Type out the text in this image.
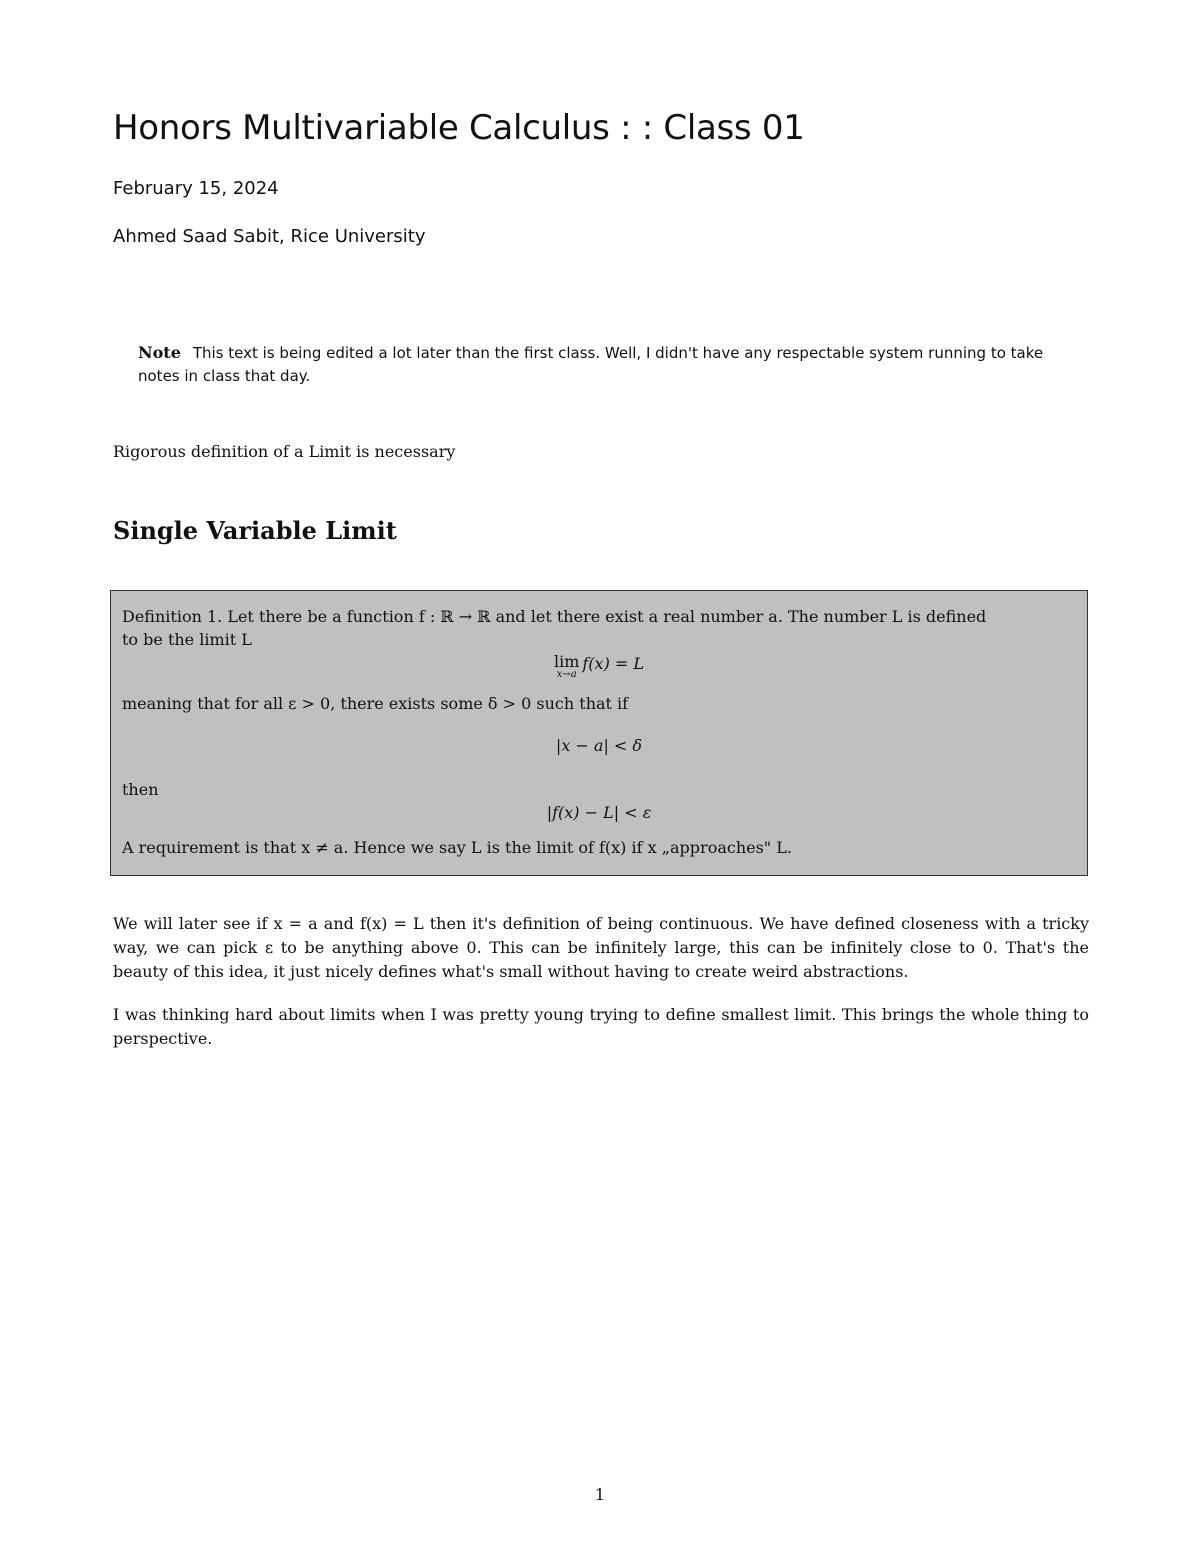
Honors Multivariable Calculus : : Class 01
February 15, 2024
Ahmed Saad Sabit, Rice University
Note This text is being edited a lot later than the first class. Well, I didn't have any respectable system running to take notes in class that day.
Rigorous definition of a Limit is necessary
Single Variable Limit
Definition 1. Let there be a function f : ℝ → ℝ and let there exist a real number a. The number L is defined
to be the limit L
lim
x→a
f(x) = L
meaning that for all ε > 0, there exists some δ > 0 such that if
|x − a| < δ
then
|f(x) − L| < ε
A requirement is that x ≠ a. Hence we say L is the limit of f(x) if x „approaches" L.

We will later see if x = a and f(x) = L then it's definition of being continuous. We have defined closeness with a tricky way, we can pick ε to be anything above 0. This can be infinitely large, this can be infinitely close to 0. That's the beauty of this idea, it just nicely defines what's small without having to create weird abstractions.

I was thinking hard about limits when I was pretty young trying to define smallest limit. This brings the whole thing to perspective.

1
